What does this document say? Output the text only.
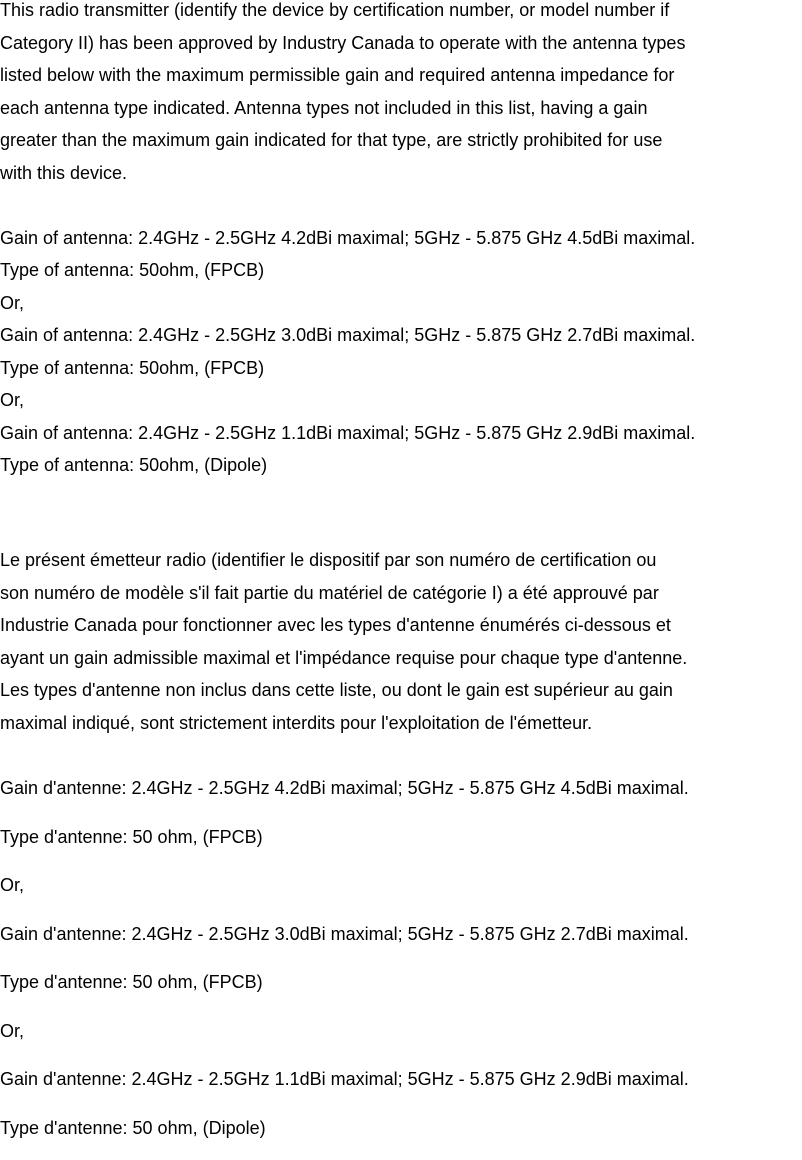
This radio transmitter (identify the device by certification number, or model number if
Category II) has been approved by Industry Canada to operate with the antenna types
listed below with the maximum permissible gain and required antenna impedance for
each antenna type indicated. Antenna types not included in this list, having a gain
greater than the maximum gain indicated for that type, are strictly prohibited for use
with this device.
Gain of antenna: 2.4GHz - 2.5GHz 4.2dBi maximal; 5GHz - 5.875 GHz 4.5dBi maximal.
Type of antenna: 50ohm, (FPCB)
Or,
Gain of antenna: 2.4GHz - 2.5GHz 3.0dBi maximal; 5GHz - 5.875 GHz 2.7dBi maximal.
Type of antenna: 50ohm, (FPCB)
Or,
Gain of antenna: 2.4GHz - 2.5GHz 1.1dBi maximal; 5GHz - 5.875 GHz 2.9dBi maximal.
Type of antenna: 50ohm, (Dipole)
Le présent émetteur radio (identifier le dispositif par son numéro de certification ou
son numéro de modèle s'il fait partie du matériel de catégorie I) a été approuvé par
Industrie Canada pour fonctionner avec les types d'antenne énumérés ci-dessous et
ayant un gain admissible maximal et l'impédance requise pour chaque type d'antenne.
Les types d'antenne non inclus dans cette liste, ou dont le gain est supérieur au gain
maximal indiqué, sont strictement interdits pour l'exploitation de l'émetteur.
Gain d'antenne: 2.4GHz - 2.5GHz 4.2dBi maximal; 5GHz - 5.875 GHz 4.5dBi maximal.
Type d'antenne: 50 ohm, (FPCB)
Or,
Gain d'antenne: 2.4GHz - 2.5GHz 3.0dBi maximal; 5GHz - 5.875 GHz 2.7dBi maximal.
Type d'antenne: 50 ohm, (FPCB)
Or,
Gain d'antenne: 2.4GHz - 2.5GHz 1.1dBi maximal; 5GHz - 5.875 GHz 2.9dBi maximal.
Type d'antenne: 50 ohm, (Dipole)
